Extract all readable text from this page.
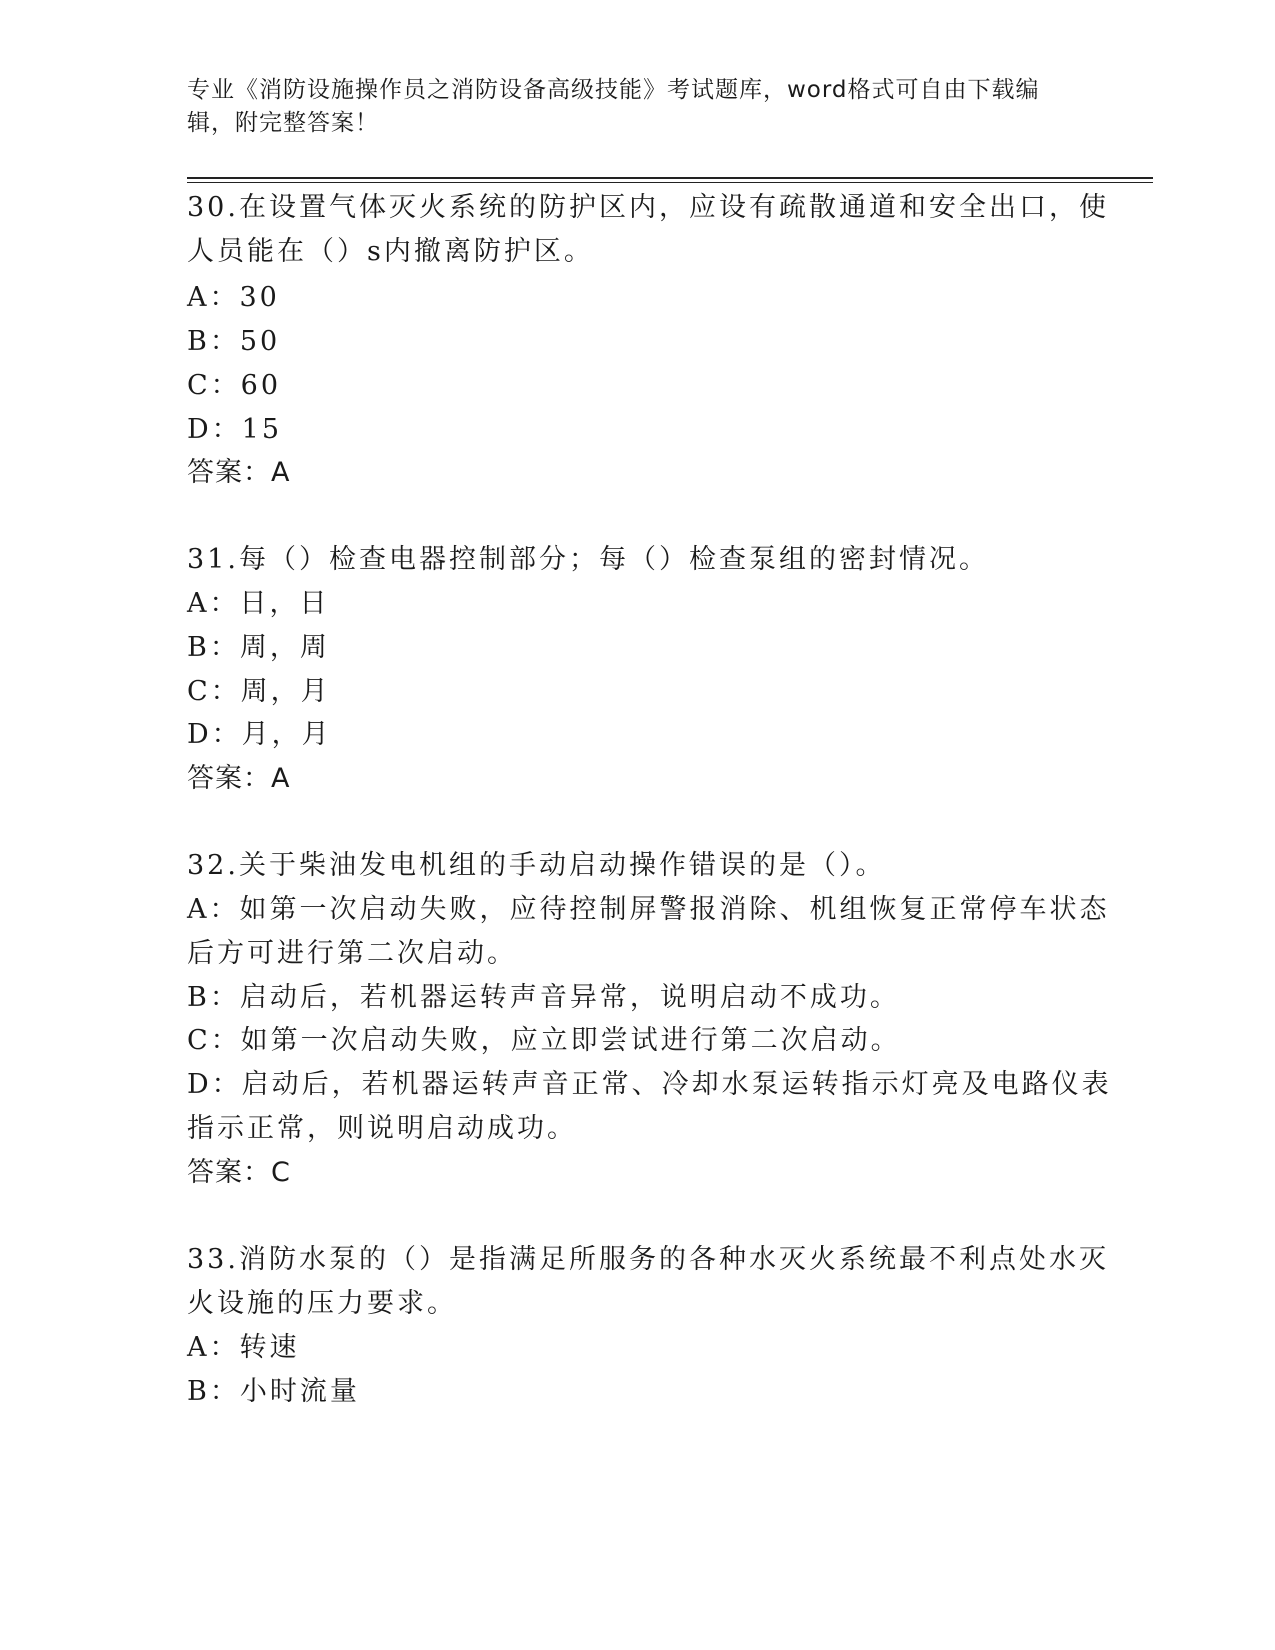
专业《消防设施操作员之消防设备高级技能》考试题库，word格式可自由下载编辑，附完整答案！
30.在设置气体灭火系统的防护区内，应设有疏散通道和安全出口，使
人员能在（）s内撤离防护区。
A：30
B：50
C：60
D：15
答案：A
31.每（）检查电器控制部分；每（）检查泵组的密封情况。
A：日，日
B：周，周
C：周，月
D：月，月
答案：A
32.关于柴油发电机组的手动启动操作错误的是（）。
A：如第一次启动失败，应待控制屏警报消除、机组恢复正常停车状态
后方可进行第二次启动。
B：启动后，若机器运转声音异常，说明启动不成功。
C：如第一次启动失败，应立即尝试进行第二次启动。
D：启动后，若机器运转声音正常、冷却水泵运转指示灯亮及电路仪表
指示正常，则说明启动成功。
答案：C
33.消防水泵的（）是指满足所服务的各种水灭火系统最不利点处水灭
火设施的压力要求。
A：转速
B：小时流量
